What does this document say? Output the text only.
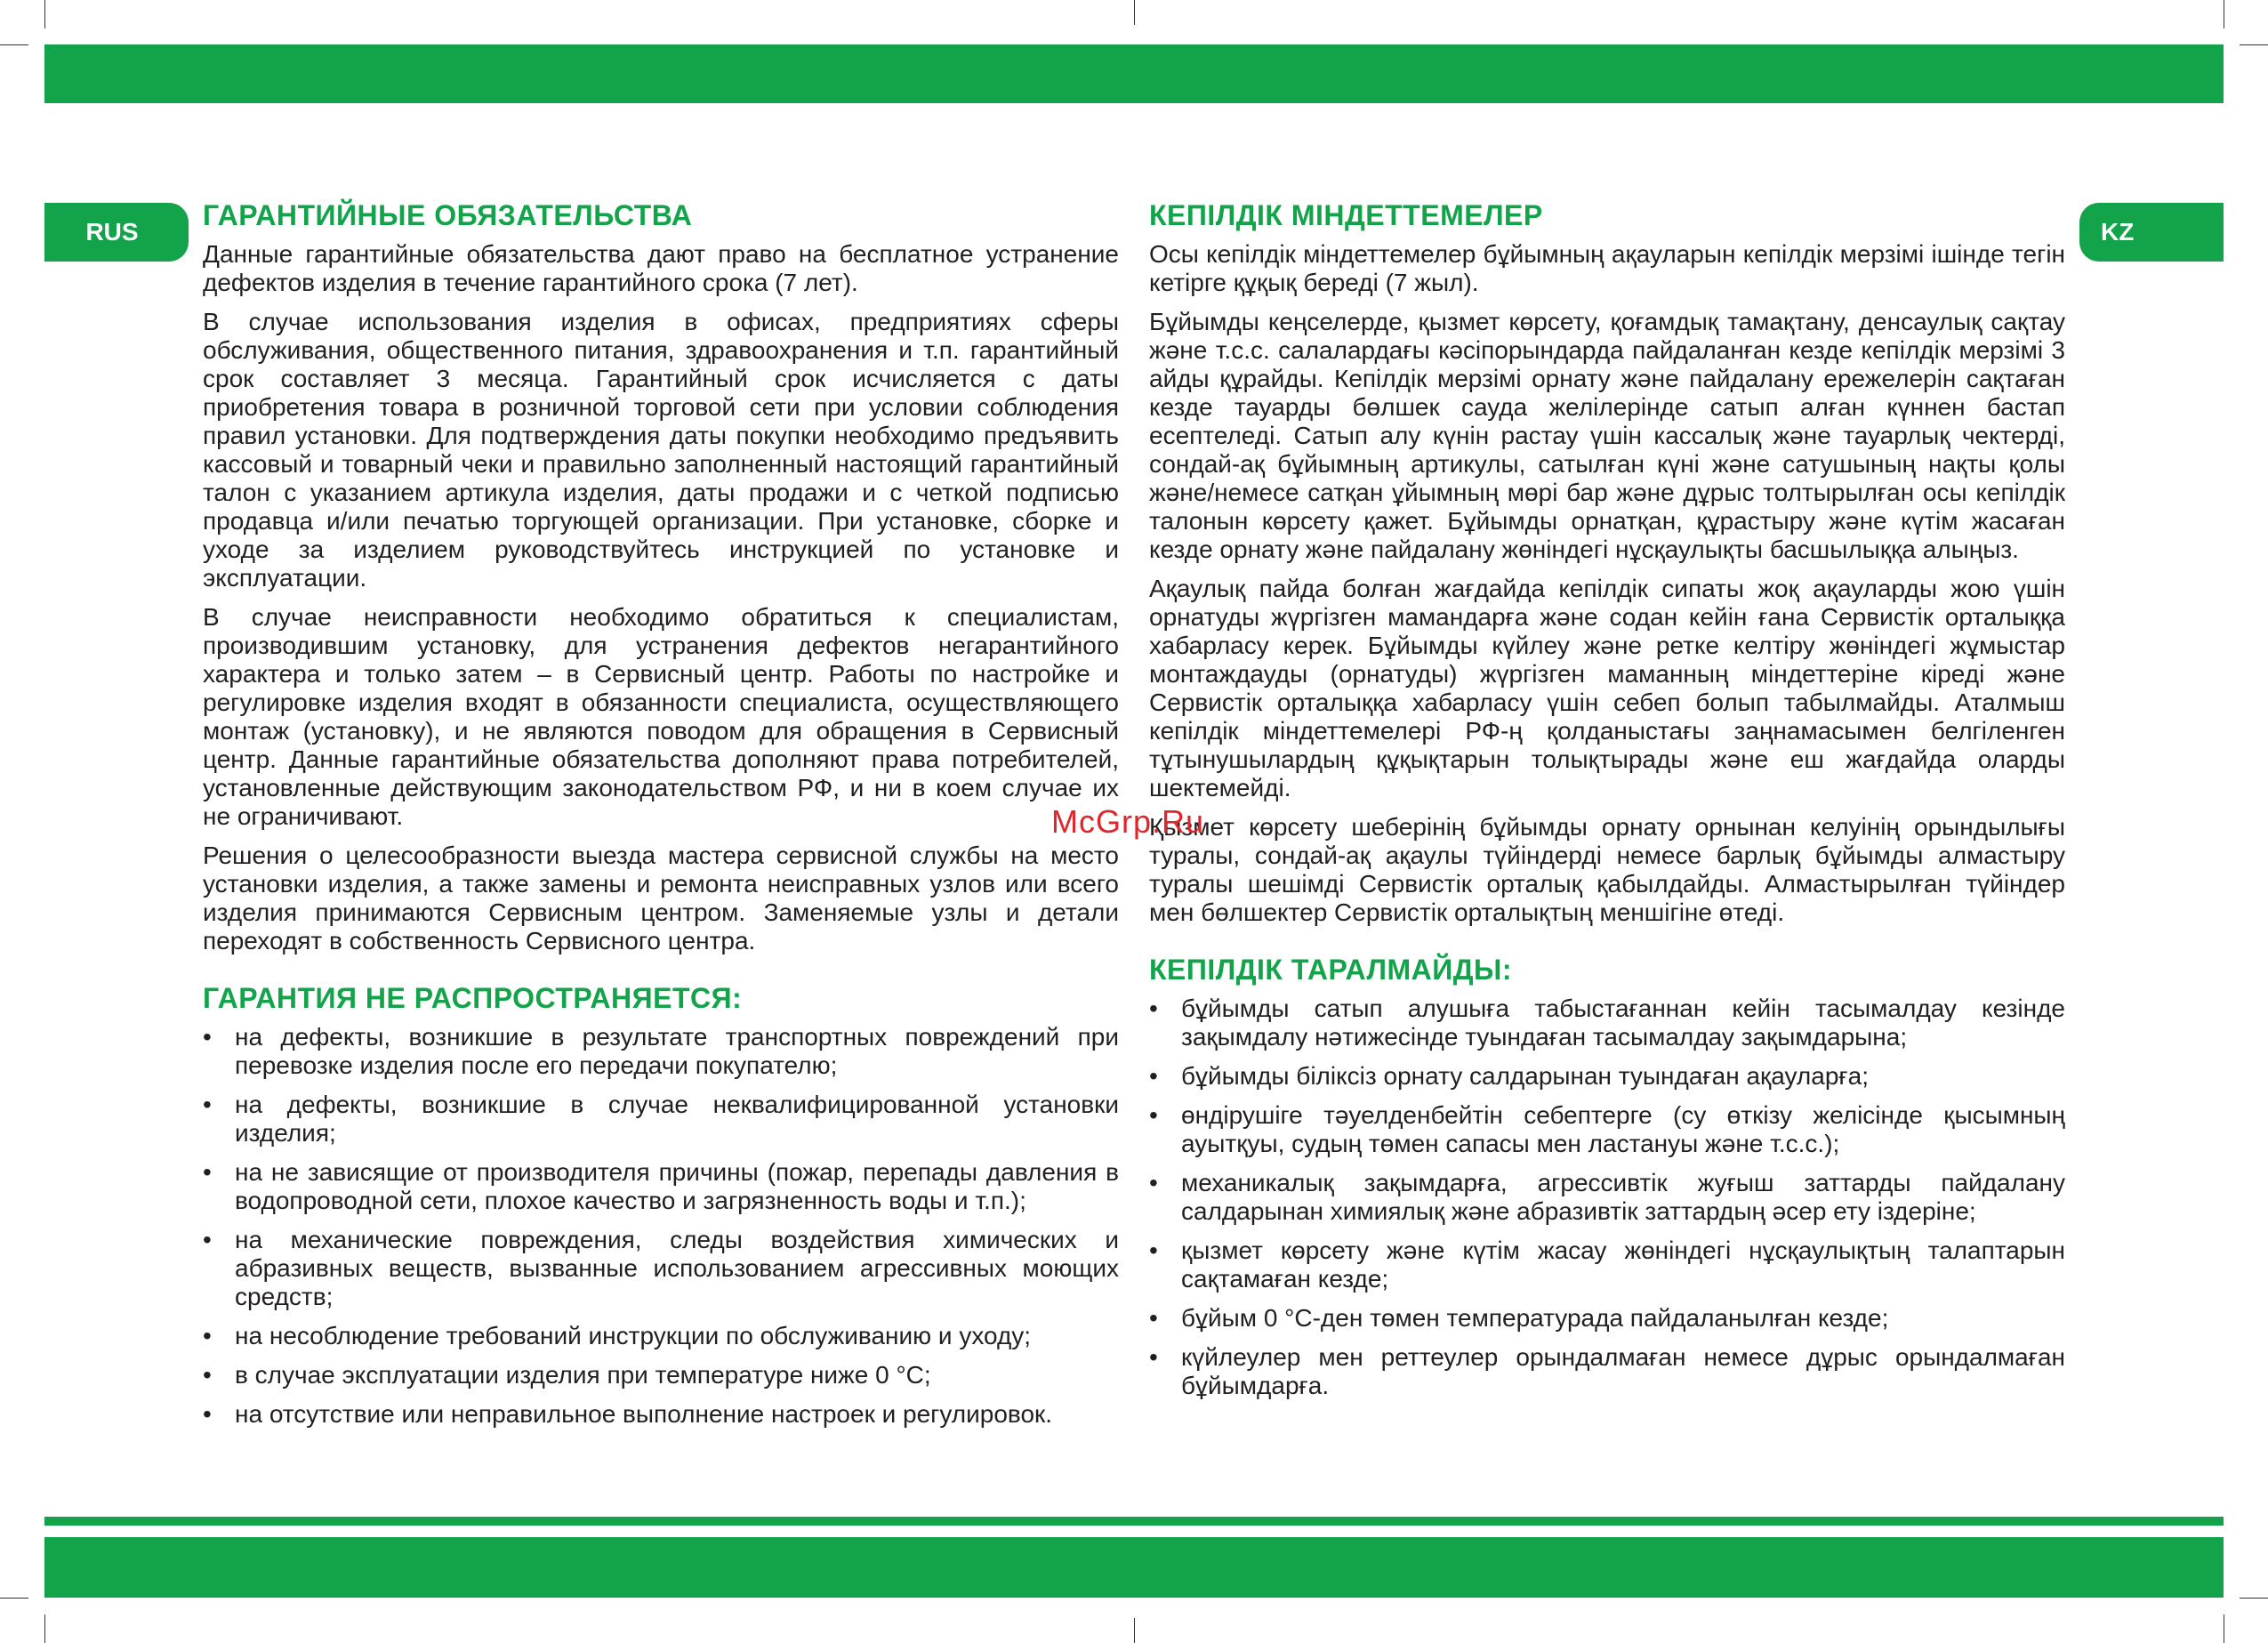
RUS	KZ
ГАРАНТИЙНЫЕ ОБЯЗАТЕЛЬСТВА

Данные гарантийные обязательства дают право на бесплатное устранение дефектов изделия в течение гарантийного срока (7 лет).

В случае использования изделия в офисах, предприятиях сферы обслуживания, общественного питания, здравоохранения и т.п. гарантийный срок составляет 3 месяца. Гарантийный срок исчисляется с даты приобретения товара в розничной торговой сети при условии соблюдения правил установки. Для подтверждения даты покупки необходимо предъявить кассовый и товарный чеки и правильно заполненный настоящий гарантийный талон с указанием артикула изделия, даты продажи и с четкой подписью продавца и/или печатью торгующей организации. При установке, сборке и уходе за изделием руководствуйтесь инструкцией по установке и эксплуатации.

В случае неисправности необходимо обратиться к специалистам, производившим установку, для устранения дефектов негарантийного характера и только затем – в Сервисный центр. Работы по настройке и регулировке изделия входят в обязанности специалиста, осуществляющего монтаж (установку), и не являются поводом для обращения в Сервисный центр. Данные гарантийные обязательства дополняют права потребителей, установленные действующим законодательством РФ, и ни в коем случае их не ограничивают.

Решения о целесообразности выезда мастера сервисной службы на место установки изделия, а также замены и ремонта неисправных узлов или всего изделия принимаются Сервисным центром. Заменяемые узлы и детали переходят в собственность Сервисного центра.

ГАРАНТИЯ НЕ РАСПРОСТРАНЯЕТСЯ:
• на дефекты, возникшие в результате транспортных повреждений при перевозке изделия после его передачи покупателю;
• на дефекты, возникшие в случае неквалифицированной установки изделия;
• на не зависящие от производителя причины (пожар, перепады давления в водопроводной сети, плохое качество и загрязненность воды и т.п.);
• на механические повреждения, следы воздействия химических и абразивных веществ, вызванные использованием агрессивных моющих средств;
• на несоблюдение требований инструкции по обслуживанию и уходу;
• в случае эксплуатации изделия при температуре ниже 0 °С;
• на отсутствие или неправильное выполнение настроек и регулировок.
КЕПІЛДІК МІНДЕТТЕМЕЛЕР

Осы кепілдік міндеттемелер бұйымның ақауларын кепілдік мерзімі ішінде тегін кетірге құқық береді (7 жыл).

Бұйымды кеңселерде, қызмет көрсету, қоғамдық тамақтану, денсаулық сақтау және т.с.с. салалардағы кәсіпорындарда пайдаланған кезде кепілдік мерзімі 3 айды құрайды. Кепілдік мерзімі орнату және пайдалану ережелерін сақтаған кезде тауарды бөлшек сауда желілерінде сатып алған күннен бастап есептеледі. Сатып алу күнін растау үшін кассалық және тауарлық чектерді, сондай-ақ бұйымның артикулы, сатылған күні және сатушының нақты қолы және/немесе сатқан ұйымның мөрі бар және дұрыс толтырылған осы кепілдік талонын көрсету қажет. Бұйымды орнатқан, құрастыру және күтім жасаған кезде орнату және пайдалану жөніндегі нұсқаулықты басшылыққа алыңыз.

Ақаулық пайда болған жағдайда кепілдік сипаты жоқ ақауларды жою үшін орнатуды жүргізген мамандарға және содан кейін ғана Сервистік орталыққа хабарласу керек. Бұйымды күйлеу және ретке келтіру жөніндегі жұмыстар монтаждауды (орнатуды) жүргізген маманның міндеттеріне кіреді және Сервистік орталыққа хабарласу үшін себеп болып табылмайды. Аталмыш кепілдік міндеттемелері РФ-ң қолданыстағы заңнамасымен белгіленген тұтынушылардың құқықтарын толықтырады және еш жағдайда оларды шектемейді.

Қызмет көрсету шеберінің бұйымды орнату орнынан келуінің орындылығы туралы, сондай-ақ ақаулы түйіндерді немесе барлық бұйымды алмастыру туралы шешімді Сервистік орталық қабылдайды. Алмастырылған түйіндер мен бөлшектер Сервистік орталықтың меншігіне өтеді.

КЕПІЛДІК ТАРАЛМАЙДЫ:
• бұйымды сатып алушыға табыстағаннан кейін тасымалдау кезінде зақымдалу нәтижесінде туындаған тасымалдау зақымдарына;
• бұйымды біліксіз орнату салдарынан туындаған ақауларға;
• өндірушіге тәуелденбейтін себептерге (су өткізу желісінде қысымның ауытқуы, судың төмен сапасы мен ластануы және т.с.с.);
• механикалық зақымдарға, агрессивтік жуғыш заттарды пайдалану салдарынан химиялық және абразивтік заттардың әсер ету іздеріне;
• қызмет көрсету және күтім жасау жөніндегі нұсқаулықтың талаптарын сақтамаған кезде;
• бұйым 0 °С-ден төмен температурада пайдаланылған кезде;
• күйлеулер мен реттеулер орындалмаған немесе дұрыс орындалмаған бұйымдарға.
McGrp.Ru
